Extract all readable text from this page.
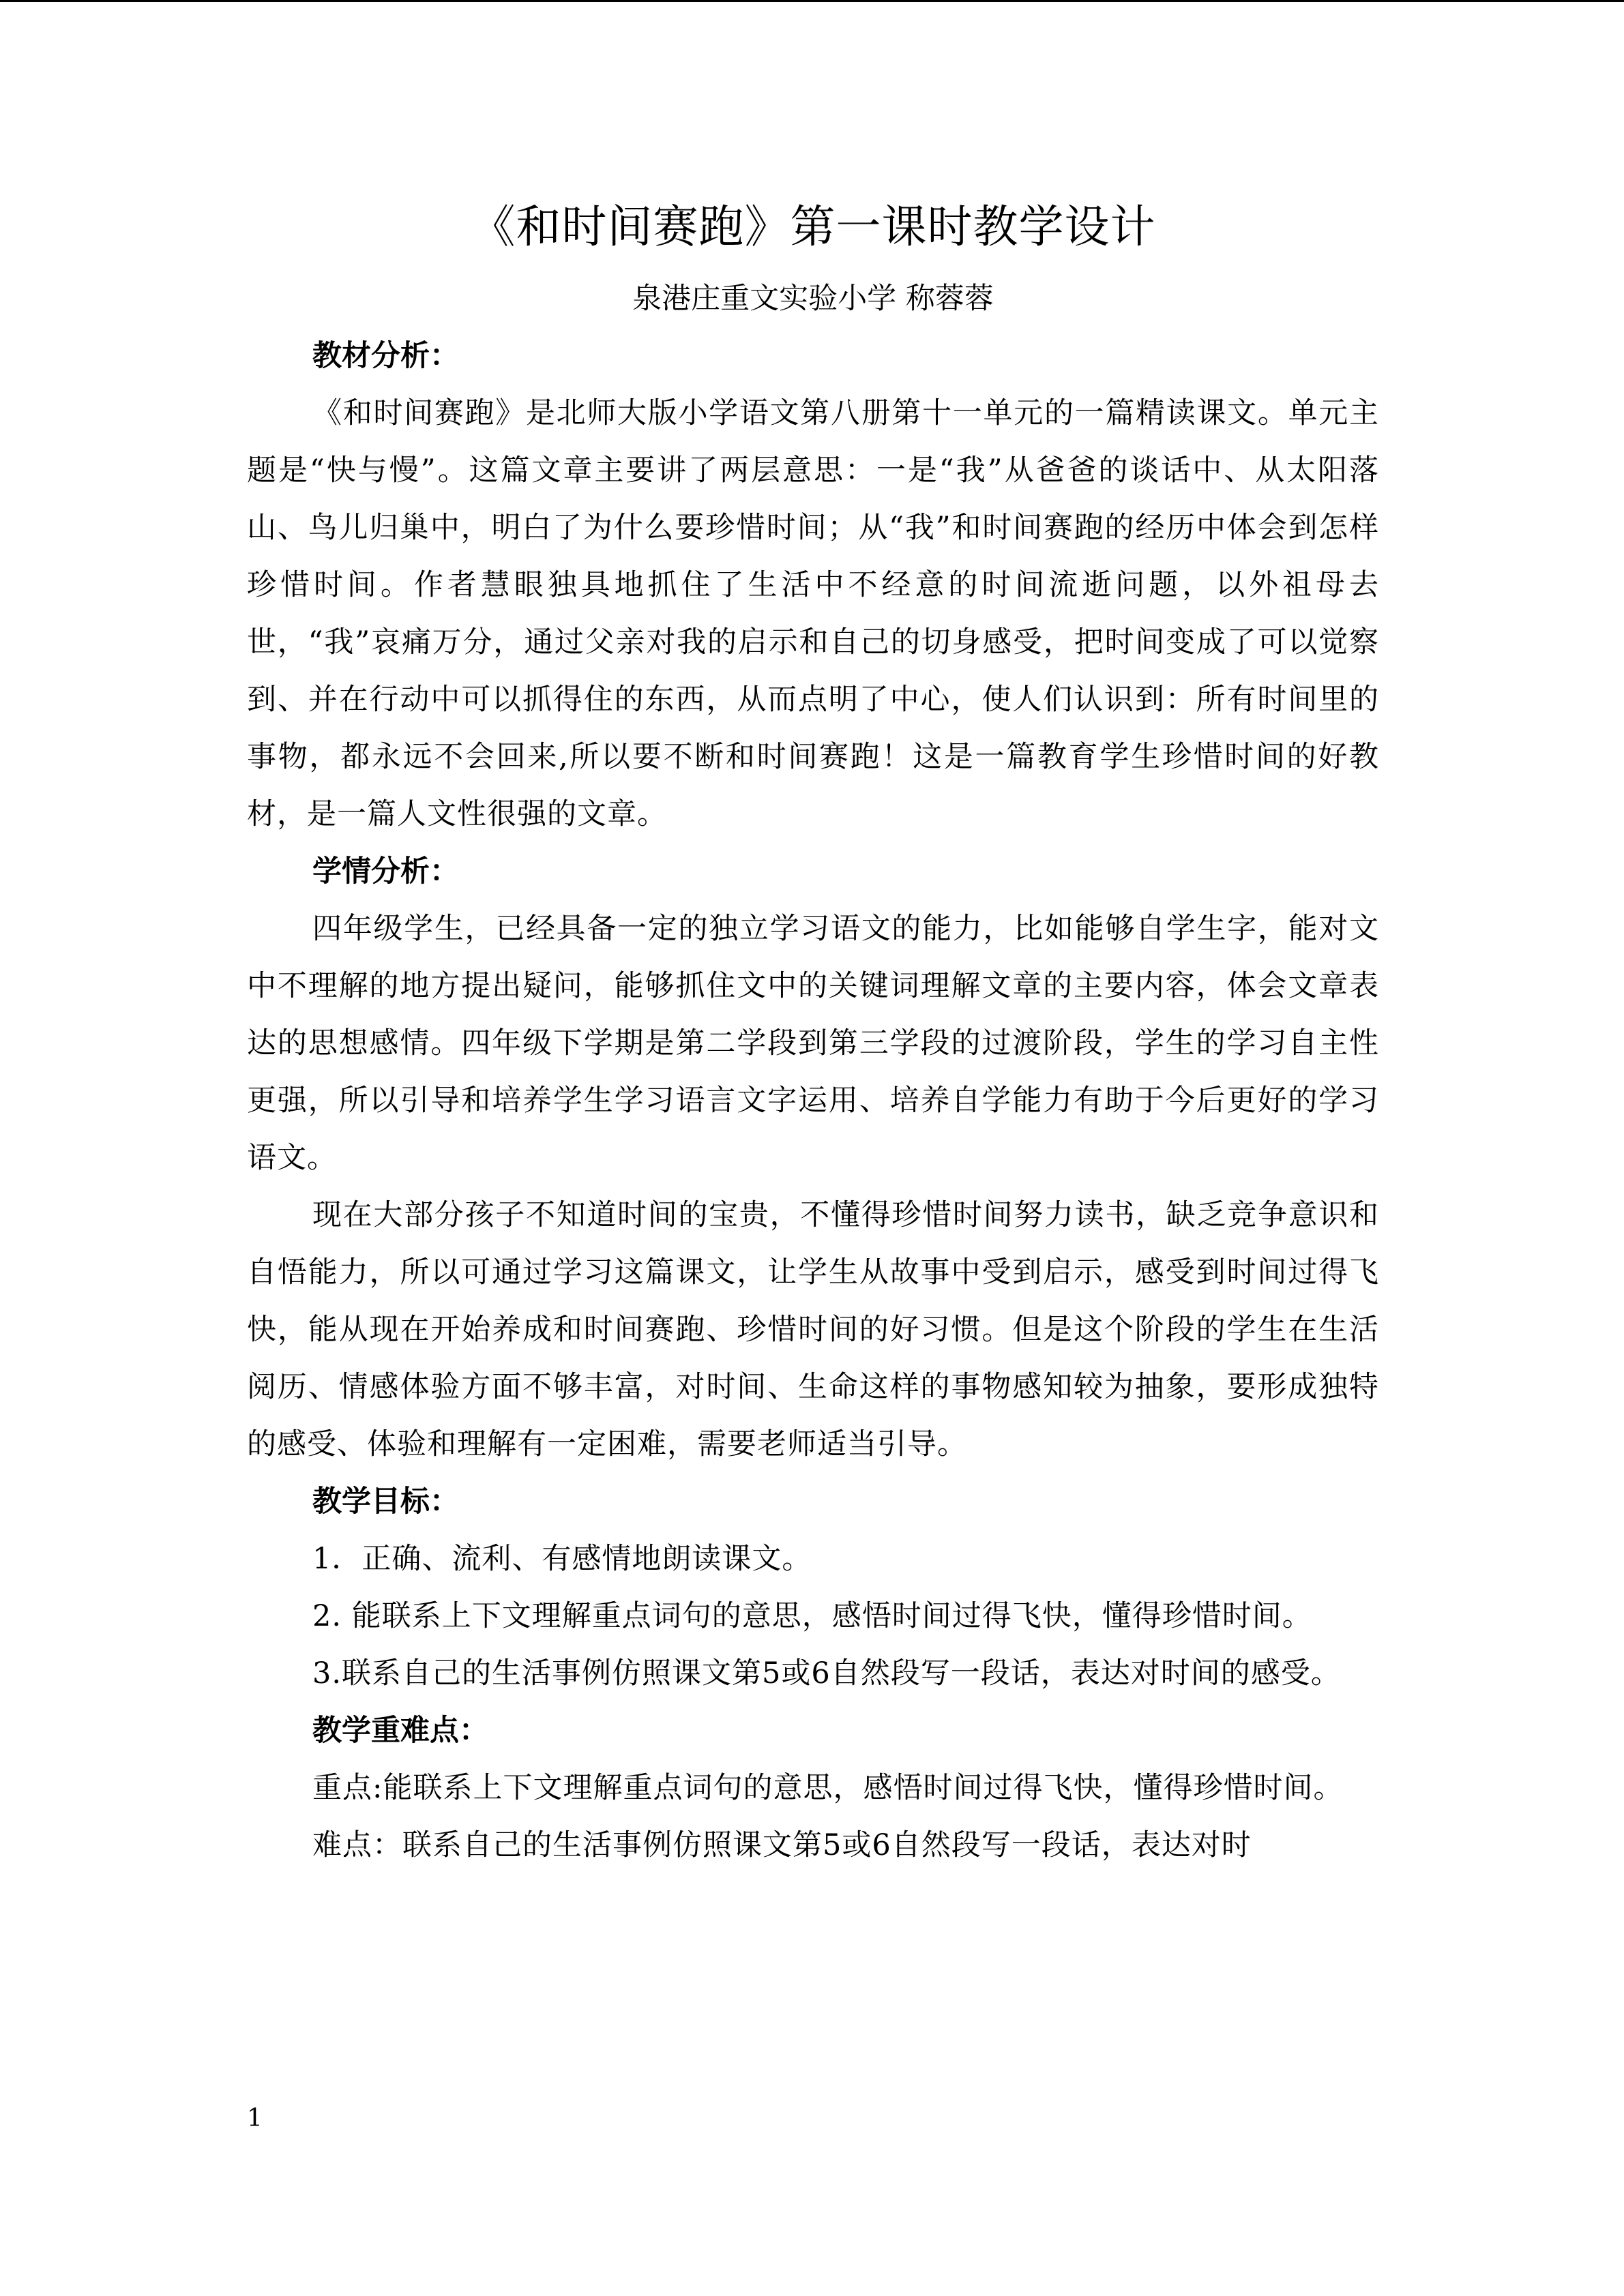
《和时间赛跑》第一课时教学设计

泉港庄重文实验小学 称蓉蓉

教材分析：

《和时间赛跑》是北师大版小学语文第八册第十一单元的一篇精读课文。单元主题是“快与慢”。这篇文章主要讲了两层意思：一是“我”从爸爸的谈话中、从太阳落山、鸟儿归巢中，明白了为什么要珍惜时间；从“我”和时间赛跑的经历中体会到怎样珍惜时间。作者慧眼独具地抓住了生活中不经意的时间流逝问题，以外祖母去世，“我”哀痛万分，通过父亲对我的启示和自己的切身感受，把时间变成了可以觉察到、并在行动中可以抓得住的东西，从而点明了中心，使人们认识到：所有时间里的事物，都永远不会回来,所以要不断和时间赛跑！这是一篇教育学生珍惜时间的好教材，是一篇人文性很强的文章。

学情分析：

四年级学生，已经具备一定的独立学习语文的能力，比如能够自学生字，能对文中不理解的地方提出疑问，能够抓住文中的关键词理解文章的主要内容，体会文章表达的思想感情。四年级下学期是第二学段到第三学段的过渡阶段，学生的学习自主性更强，所以引导和培养学生学习语言文字运用、培养自学能力有助于今后更好的学习语文。

现在大部分孩子不知道时间的宝贵，不懂得珍惜时间努力读书，缺乏竞争意识和自悟能力，所以可通过学习这篇课文，让学生从故事中受到启示，感受到时间过得飞快，能从现在开始养成和时间赛跑、珍惜时间的好习惯。但是这个阶段的学生在生活阅历、情感体验方面不够丰富，对时间、生命这样的事物感知较为抽象，要形成独特的感受、体验和理解有一定困难，需要老师适当引导。

教学目标：

1．正确、流利、有感情地朗读课文。

2. 能联系上下文理解重点词句的意思，感悟时间过得飞快，懂得珍惜时间。

3.联系自己的生活事例仿照课文第5或6自然段写一段话，表达对时间的感受。

教学重难点：

重点:能联系上下文理解重点词句的意思，感悟时间过得飞快，懂得珍惜时间。

难点：联系自己的生活事例仿照课文第5或6自然段写一段话，表达对时

1
